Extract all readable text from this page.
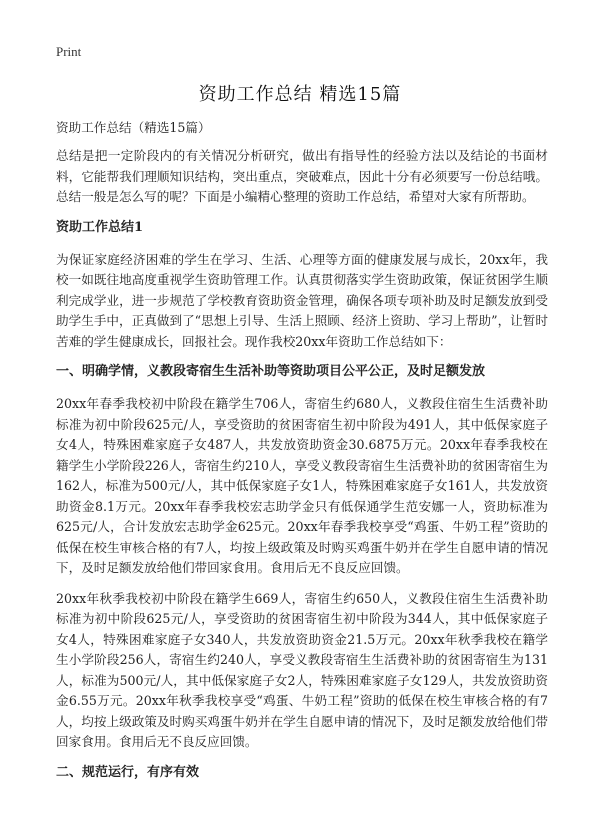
Print
资助工作总结 精选15篇

资助工作总结（精选15篇）

总结是把一定阶段内的有关情况分析研究，做出有指导性的经验方法以及结论的书面材料，它能帮我们理顺知识结构，突出重点，突破难点，因此十分有必须要写一份总结哦。总结一般是怎么写的呢？下面是小编精心整理的资助工作总结，希望对大家有所帮助。

资助工作总结1

为保证家庭经济困难的学生在学习、生活、心理等方面的健康发展与成长，20xx年，我校一如既往地高度重视学生资助管理工作。认真贯彻落实学生资助政策，保证贫困学生顺利完成学业，进一步规范了学校教育资助资金管理，确保各项专项补助及时足额发放到受助学生手中，正真做到了“思想上引导、生活上照顾、经济上资助、学习上帮助”，让暂时苦难的学生健康成长，回报社会。现作我校20xx年资助工作总结如下：

一、明确学情，义教段寄宿生生活补助等资助项目公平公正，及时足额发放

20xx年春季我校初中阶段在籍学生706人，寄宿生约680人，义教段住宿生生活费补助标准为初中阶段625元/人，享受资助的贫困寄宿生初中阶段为491人，其中低保家庭子女4人，特殊困难家庭子女487人，共发放资助资金30.6875万元。20xx年春季我校在籍学生小学阶段226人，寄宿生约210人，享受义教段寄宿生生活费补助的贫困寄宿生为162人，标准为500元/人，其中低保家庭子女1人，特殊困难家庭子女161人，共发放资助资金8.1万元。20xx年春季我校宏志助学金只有低保通学生范安娜一人，资助标准为625元/人，合计发放宏志助学金625元。20xx年春季我校享受“鸡蛋、牛奶工程”资助的低保在校生审核合格的有7人，均按上级政策及时购买鸡蛋牛奶并在学生自愿申请的情况下，及时足额发放给他们带回家食用。食用后无不良反应回馈。

20xx年秋季我校初中阶段在籍学生669人，寄宿生约650人，义教段住宿生生活费补助标准为初中阶段625元/人，享受资助的贫困寄宿生初中阶段为344人，其中低保家庭子女4人，特殊困难家庭子女340人，共发放资助资金21.5万元。20xx年秋季我校在籍学生小学阶段256人，寄宿生约240人，享受义教段寄宿生生活费补助的贫困寄宿生为131人，标准为500元/人，其中低保家庭子女2人，特殊困难家庭子女129人，共发放资助资金6.55万元。20xx年秋季我校享受“鸡蛋、牛奶工程”资助的低保在校生审核合格的有7人，均按上级政策及时购买鸡蛋牛奶并在学生自愿申请的情况下，及时足额发放给他们带回家食用。食用后无不良反应回馈。

二、规范运行，有序有效
